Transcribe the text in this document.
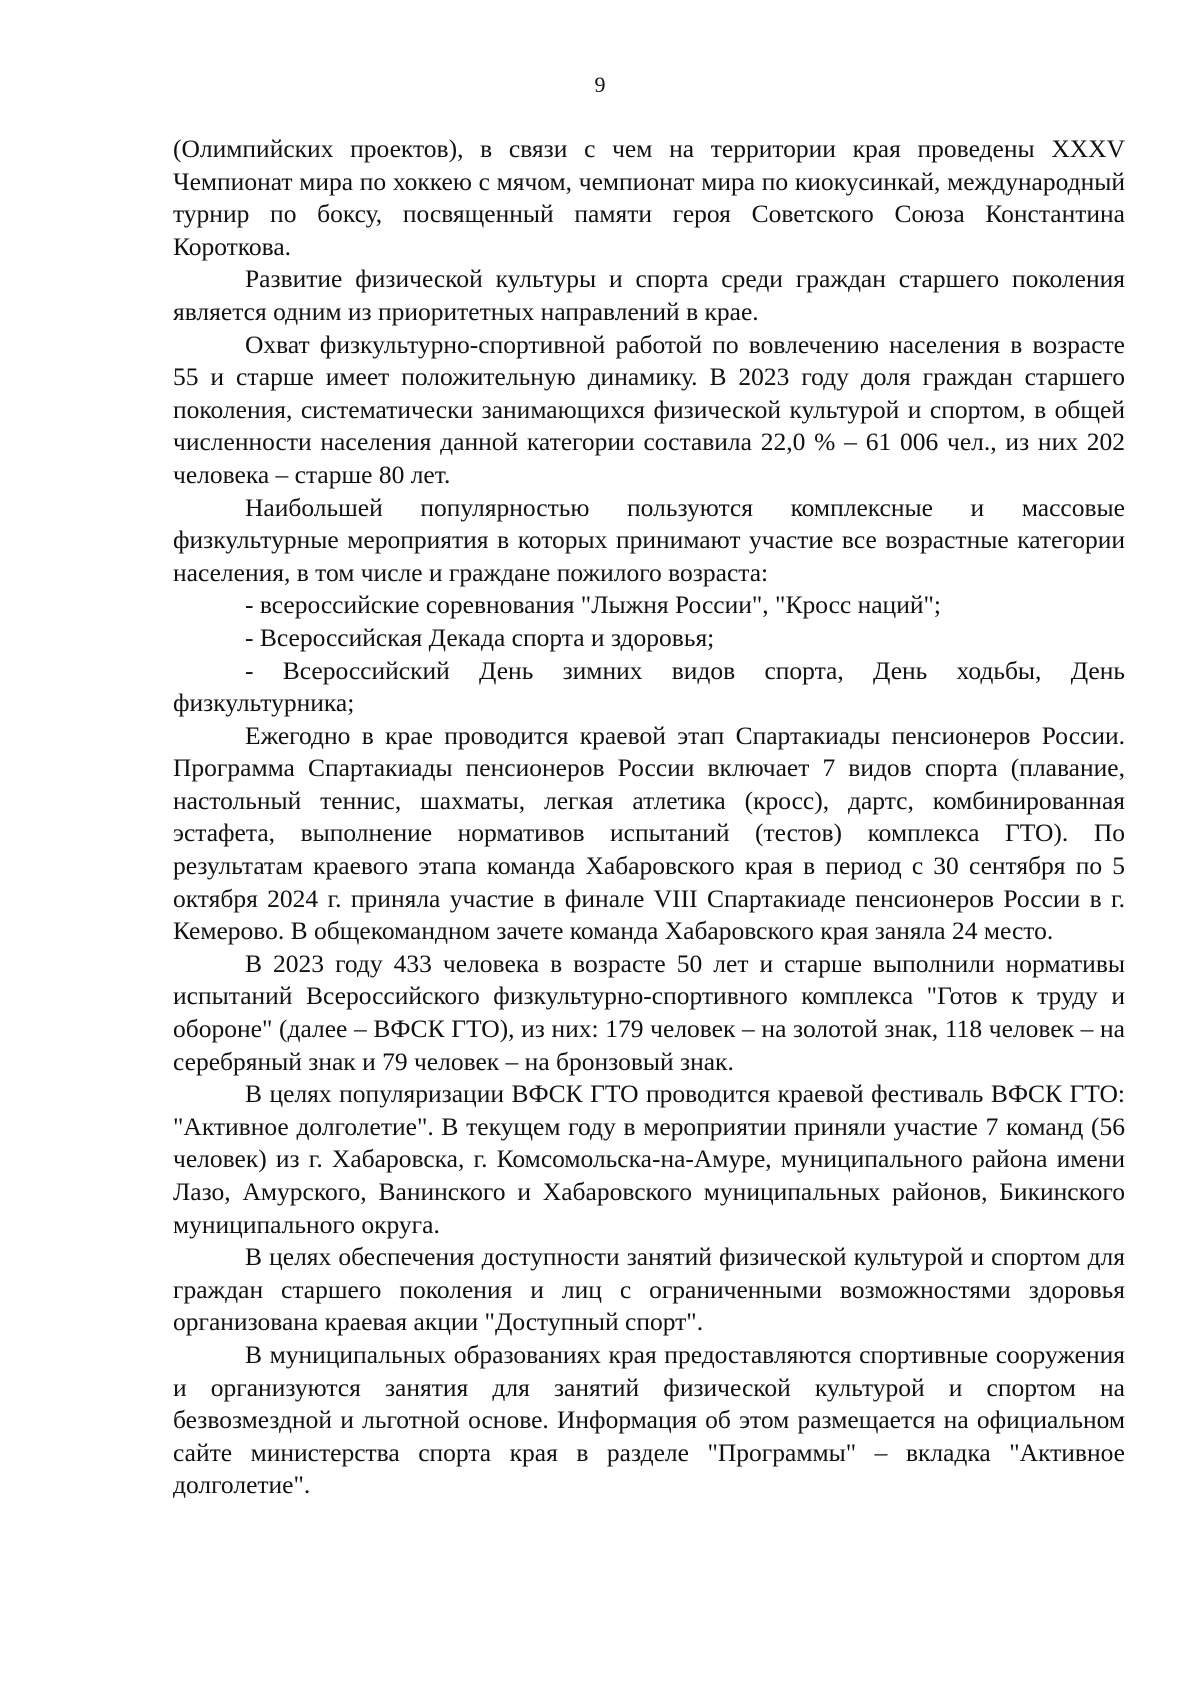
9

(Олимпийских проектов), в связи с чем на территории края проведены XXXV Чемпионат мира по хоккею с мячом, чемпионат мира по киокусинкай, международный турнир по боксу, посвященный памяти героя Советского Союза Константина Короткова.

Развитие физической культуры и спорта среди граждан старшего поколения является одним из приоритетных направлений в крае.

Охват физкультурно-спортивной работой по вовлечению населения в возрасте 55 и старше имеет положительную динамику. В 2023 году доля граждан старшего поколения, систематически занимающихся физической культурой и спортом, в общей численности населения данной категории составила 22,0 % – 61 006 чел., из них 202 человека – старше 80 лет.

Наибольшей популярностью пользуются комплексные и массовые физкультурные мероприятия в которых принимают участие все возрастные категории населения, в том числе и граждане пожилого возраста:

- всероссийские соревнования "Лыжня России", "Кросс наций";

- Всероссийская Декада спорта и здоровья;

- Всероссийский День зимних видов спорта, День ходьбы, День физкультурника;

Ежегодно в крае проводится краевой этап Спартакиады пенсионеров России. Программа Спартакиады пенсионеров России включает 7 видов спорта (плавание, настольный теннис, шахматы, легкая атлетика (кросс), дартс, комбинированная эстафета, выполнение нормативов испытаний (тестов) комплекса ГТО). По результатам краевого этапа команда Хабаровского края в период с 30 сентября по 5 октября 2024 г. приняла участие в финале VIII Спартакиаде пенсионеров России в г. Кемерово. В общекомандном зачете команда Хабаровского края заняла 24 место.

В 2023 году 433 человека в возрасте 50 лет и старше выполнили нормативы испытаний Всероссийского физкультурно-спортивного комплекса "Готов к труду и обороне" (далее – ВФСК ГТО), из них: 179 человек – на золотой знак, 118 человек – на серебряный знак и 79 человек – на бронзовый знак.

В целях популяризации ВФСК ГТО проводится краевой фестиваль ВФСК ГТО: "Активное долголетие". В текущем году в мероприятии приняли участие 7 команд (56 человек) из г. Хабаровска, г. Комсомольска-на-Амуре, муниципального района имени Лазо, Амурского, Ванинского и Хабаровского муниципальных районов, Бикинского муниципального округа.

В целях обеспечения доступности занятий физической культурой и спортом для граждан старшего поколения и лиц с ограниченными возможностями здоровья организована краевая акции "Доступный спорт".

В муниципальных образованиях края предоставляются спортивные сооружения и организуются занятия для занятий физической культурой и спортом на безвозмездной и льготной основе. Информация об этом размещается на официальном сайте министерства спорта края в разделе "Программы" – вкладка "Активное долголетие".
